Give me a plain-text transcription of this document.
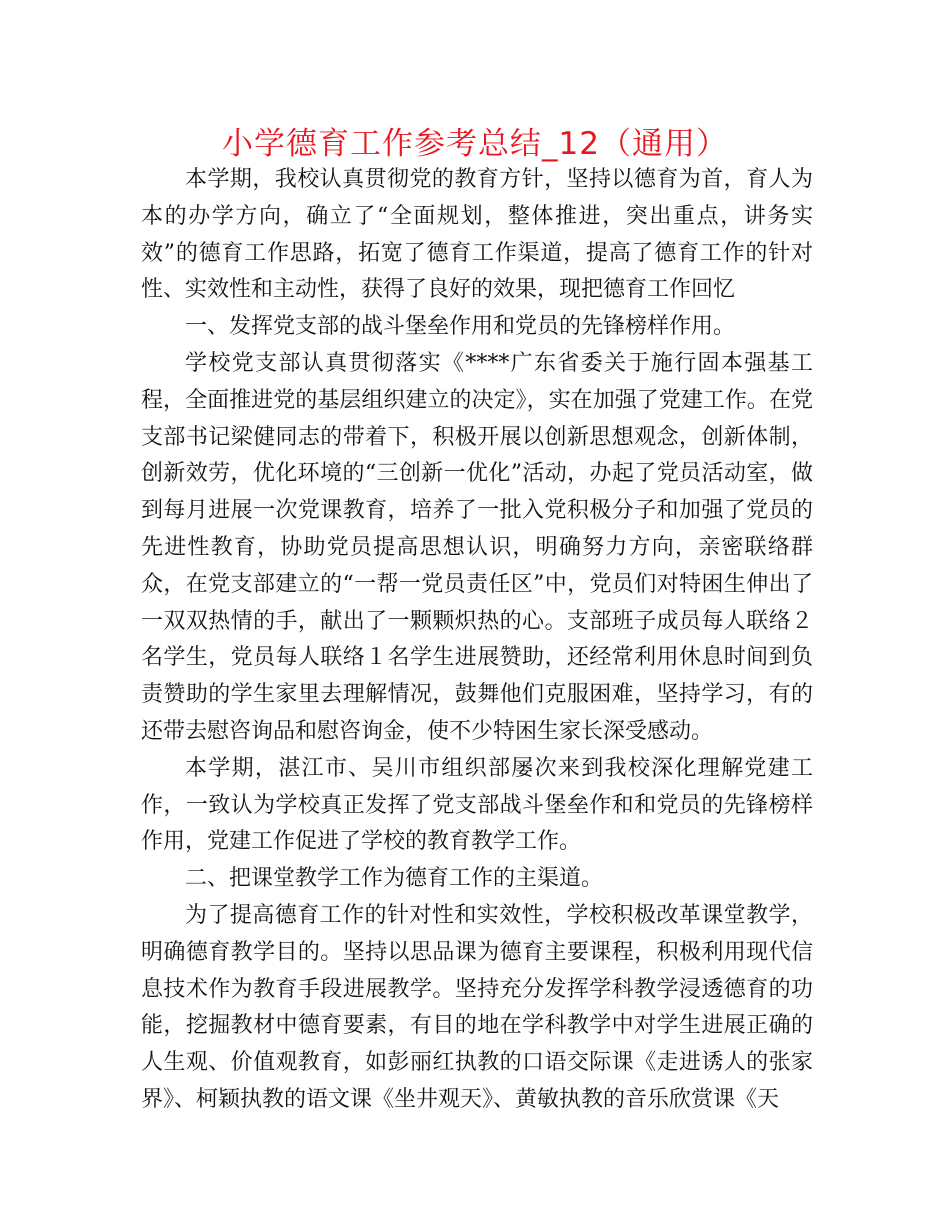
小学德育工作参考总结_12（通用）

本学期，我校认真贯彻党的教育方针，坚持以德育为首，育人为本的办学方向，确立了“全面规划，整体推进，突出重点，讲务实效”的德育工作思路，拓宽了德育工作渠道，提高了德育工作的针对性、实效性和主动性，获得了良好的效果，现把德育工作回忆

一、发挥党支部的战斗堡垒作用和党员的先锋榜样作用。

学校党支部认真贯彻落实《****广东省委关于施行固本强基工程，全面推进党的基层组织建立的决定》，实在加强了党建工作。在党支部书记梁健同志的带着下，积极开展以创新思想观念，创新体制，创新效劳，优化环境的“三创新一优化”活动，办起了党员活动室，做到每月进展一次党课教育，培养了一批入党积极分子和加强了党员的先进性教育，协助党员提高思想认识，明确努力方向，亲密联络群众，在党支部建立的“一帮一党员责任区”中，党员们对特困生伸出了一双双热情的手，献出了一颗颗炽热的心。支部班子成员每人联络２名学生，党员每人联络１名学生进展赞助，还经常利用休息时间到负责赞助的学生家里去理解情况，鼓舞他们克服困难，坚持学习，有的还带去慰咨询品和慰咨询金，使不少特困生家长深受感动。

本学期，湛江市、吴川市组织部屡次来到我校深化理解党建工作，一致认为学校真正发挥了党支部战斗堡垒作和和党员的先锋榜样作用，党建工作促进了学校的教育教学工作。

二、把课堂教学工作为德育工作的主渠道。

为了提高德育工作的针对性和实效性，学校积极改革课堂教学，明确德育教学目的。坚持以思品课为德育主要课程，积极利用现代信息技术作为教育手段进展教学。坚持充分发挥学科教学浸透德育的功能，挖掘教材中德育要素，有目的地在学科教学中对学生进展正确的人生观、价值观教育，如彭丽红执教的口语交际课《走进诱人的张家界》、柯颖执教的语文课《坐井观天》、黄敏执教的音乐欣赏课《天
